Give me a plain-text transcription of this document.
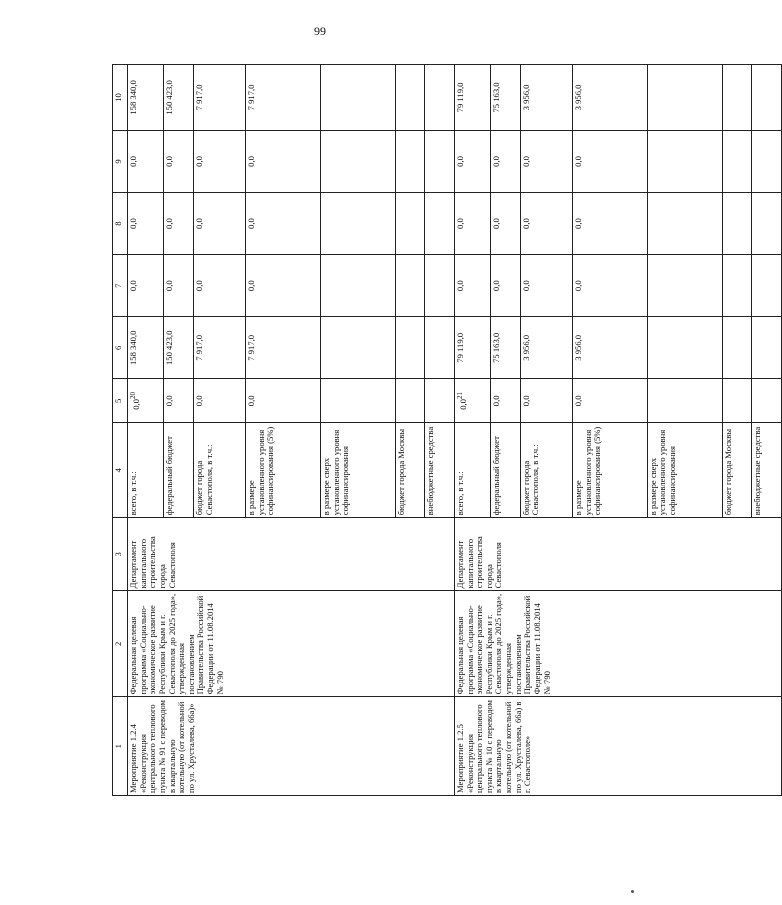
99
1	2	3	4	5	6	7	8	9	10
Мероприятие 1.2.4 «Реконструкция центрального теплового пункта № 91 с переводом в квартальную котельную (от котельной по ул. Хрусталева, 66а)»	Федеральная целевая программа «Социально-экономическое развитие Республики Крым и г. Севастополя до 2025 года», утвержденная постановлением Правительства Российской Федерации от 11.08.2014 № 790	Департамент капитального строительства города Севастополя	всего, в т.ч.:	$0,0^{20}$	158 340,0	0,0	0,0	0,0	158 340,0
			федеральный бюджет	0,0	150 423,0	0,0	0,0	0,0	150 423,0
			бюджет города Севастополя, в т.ч.:	0,0	7 917,0	0,0	0,0	0,0	7 917,0
			в размере установленного уровня софинансирования (5%)	0,0	7 917,0	0,0	0,0	0,0	7 917,0
			в размере сверх установленного уровня софинансирования						
			бюджет города Москвы						
			внебюджетные средства						
Мероприятие 1.2.5 «Реконструкция центрального теплового пункта № 10 с переводом в квартальную котельную (от котельной по ул. Хрусталева, 66а) в г. Севастополе»	Федеральная целевая программа «Социально-экономическое развитие Республики Крым и г. Севастополя до 2025 года», утвержденная постановлением Правительства Российской Федерации от 11.08.2014 № 790	Департамент капитального строительства города Севастополя	всего, в т.ч.:	$0,0^{21}$	79 119,0	0,0	0,0	0,0	79 119,0
			федеральный бюджет	0,0	75 163,0	0,0	0,0	0,0	75 163,0
			бюджет города Севастополя, в т.ч.:	0,0	3 956,0	0,0	0,0	0,0	3 956,0
			в размере установленного уровня софинансирования (5%)	0,0	3 956,0	0,0	0,0	0,0	3 956,0
			в размере сверх установленного уровня софинансирования						
			бюджет города Москвы						
			внебюджетные средства						
